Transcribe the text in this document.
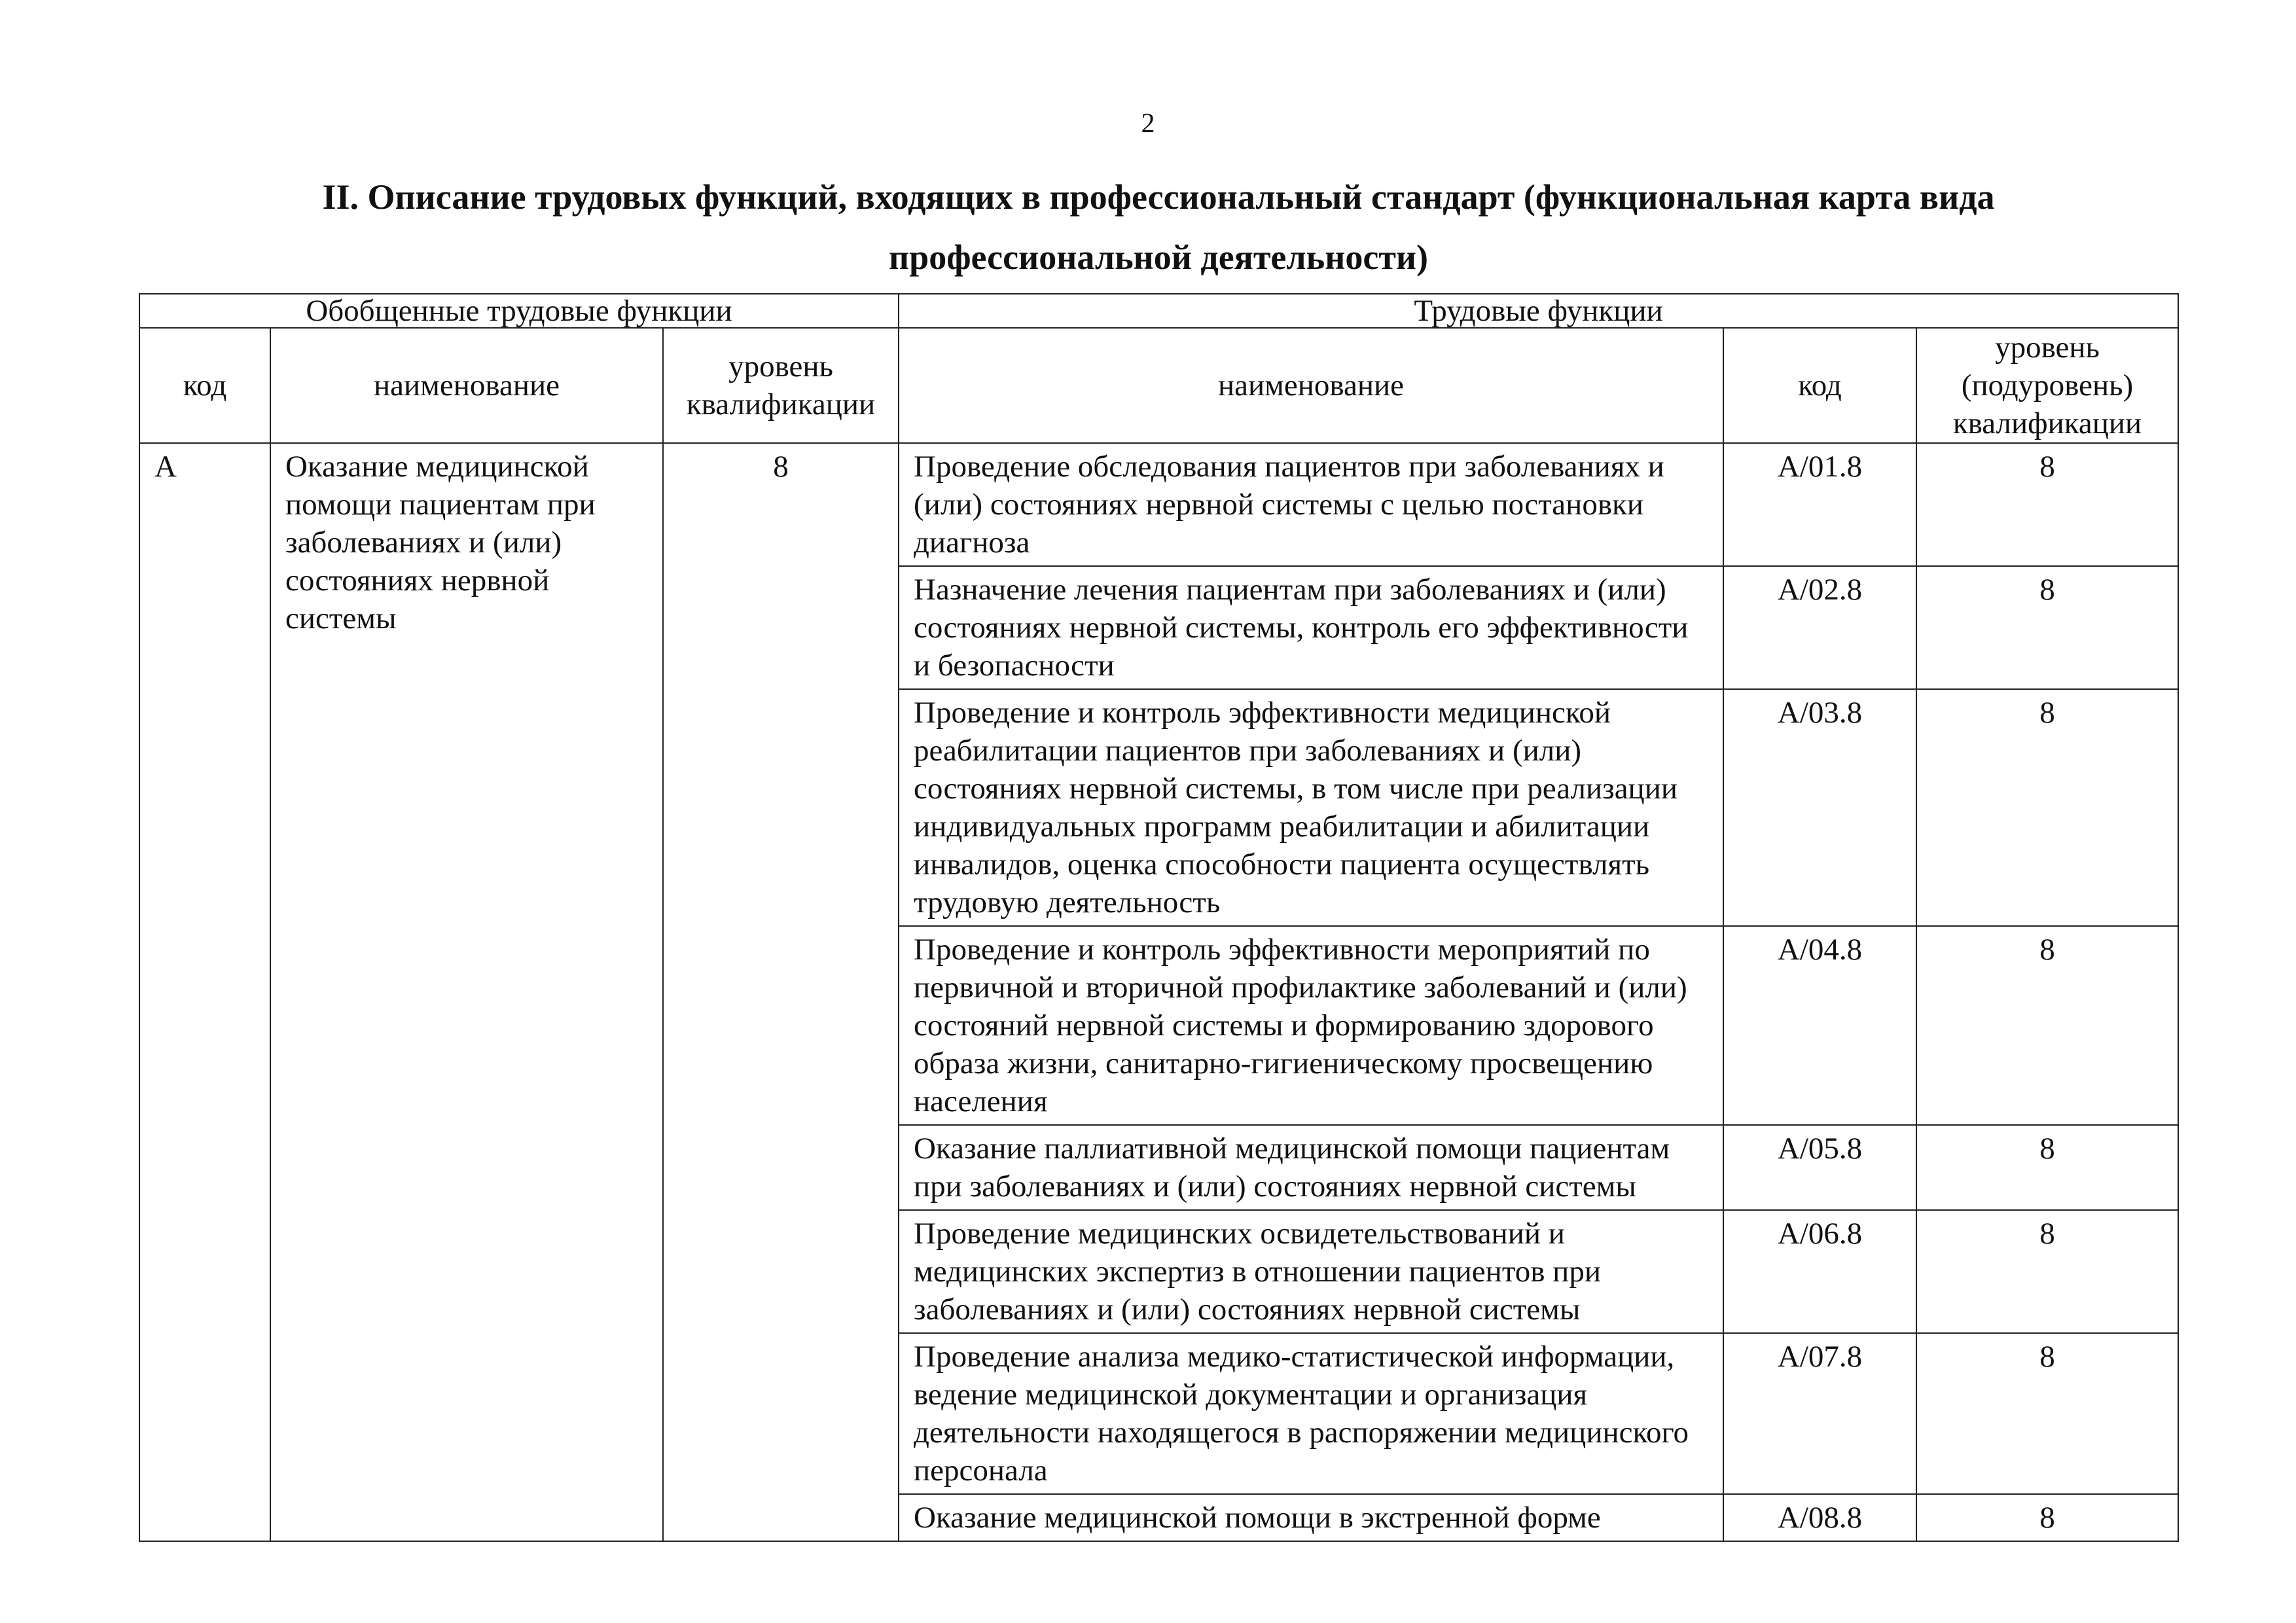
2
II. Описание трудовых функций, входящих в профессиональный стандарт (функциональная карта вида профессиональной деятельности)
Обобщенные трудовые функции			Трудовые функции		
код	наименование	уровень квалификации	наименование	код	уровень (подуровень) квалификации
А	Оказание медицинской помощи пациентам при заболеваниях и (или) состояниях нервной системы	8	Проведение обследования пациентов при заболеваниях и (или) состояниях нервной системы с целью постановки диагноза	A/01.8	8
			Назначение лечения пациентам при заболеваниях и (или) состояниях нервной системы, контроль его эффективности и безопасности	A/02.8	8
			Проведение и контроль эффективности медицинской реабилитации пациентов при заболеваниях и (или) состояниях нервной системы, в том числе при реализации индивидуальных программ реабилитации и абилитации инвалидов, оценка способности пациента осуществлять трудовую деятельность	A/03.8	8
			Проведение и контроль эффективности мероприятий по первичной и вторичной профилактике заболеваний и (или) состояний нервной системы и формированию здорового образа жизни, санитарно-гигиеническому просвещению населения	A/04.8	8
			Оказание паллиативной медицинской помощи пациентам при заболеваниях и (или) состояниях нервной системы	A/05.8	8
			Проведение медицинских освидетельствований и медицинских экспертиз в отношении пациентов при заболеваниях и (или) состояниях нервной системы	A/06.8	8
			Проведение анализа медико-статистической информации, ведение медицинской документации и организация деятельности находящегося в распоряжении медицинского персонала	A/07.8	8
			Оказание медицинской помощи в экстренной форме	A/08.8	8
